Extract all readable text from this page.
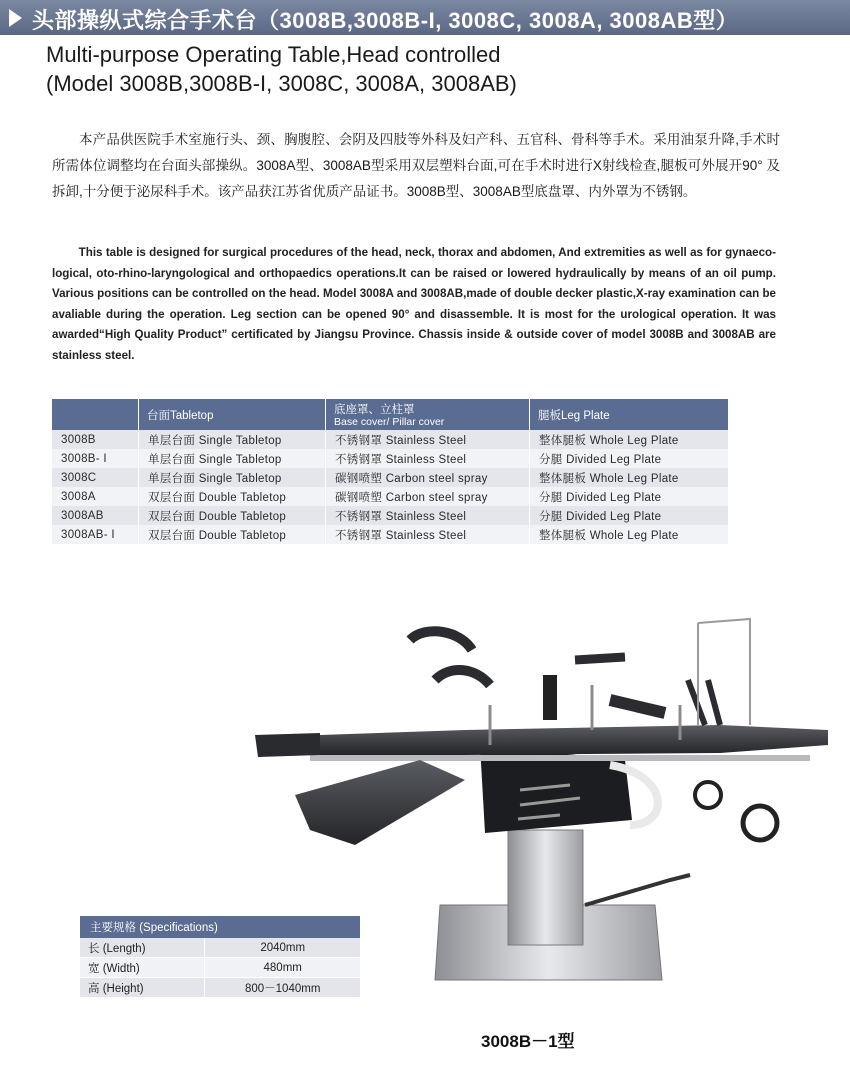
头部操纵式综合手术台（3008B,3008B-I, 3008C, 3008A, 3008AB型）
Multi-purpose Operating Table,Head controlled
(Model 3008B,3008B-I, 3008C, 3008A, 3008AB)
本产品供医院手术室施行头、颈、胸腹腔、会阴及四肢等外科及妇产科、五官科、骨科等手术。采用油泵升降,手术时所需体位调整均在台面头部操纵。3008A型、3008AB型采用双层塑料台面,可在手术时进行X射线检查,腿板可外展开90° 及拆卸,十分便于泌尿科手术。该产品获江苏省优质产品证书。3008B型、3008AB型底盘罩、内外罩为不锈钢。
This table is designed for surgical procedures of the head, neck, thorax and abdomen, And extremities as well as for gynaeco-logical, oto-rhino-laryngological and orthopaedics operations.It can be raised or lowered hydraulically by means of an oil pump. Various positions can be controlled on the head. Model 3008A and 3008AB,made of double decker plastic,X-ray examination can be avaliable during the operation. Leg section can be opened 90° and disassemble. It is most for the urological operation. It was awarded“High Quality Product” certificated by Jiangsu Province. Chassis inside & outside cover of model 3008B and 3008AB are stainless steel.
	台面Tabletop	底座罩、立柱罩
Base cover/ Pillar cover	腿板Leg Plate
3008B	单层台面 Single Tabletop	不锈钢罩 Stainless Steel	整体腿板 Whole Leg Plate
3008B- I	单层台面 Single Tabletop	不锈钢罩 Stainless Steel	分腿 Divided Leg Plate
3008C	单层台面 Single Tabletop	碳钢喷塑 Carbon steel spray	整体腿板 Whole Leg Plate
3008A	双层台面 Double Tabletop	碳钢喷塑 Carbon steel spray	分腿 Divided Leg Plate
3008AB	双层台面 Double Tabletop	不锈钢罩 Stainless Steel	分腿 Divided Leg Plate
3008AB- I	双层台面 Double Tabletop	不锈钢罩 Stainless Steel	整体腿板 Whole Leg Plate
主要规格 (Specifications)	
长 (Length)	2040mm
宽 (Width)	480mm
高 (Height)	800－1040mm
3008B－1型
